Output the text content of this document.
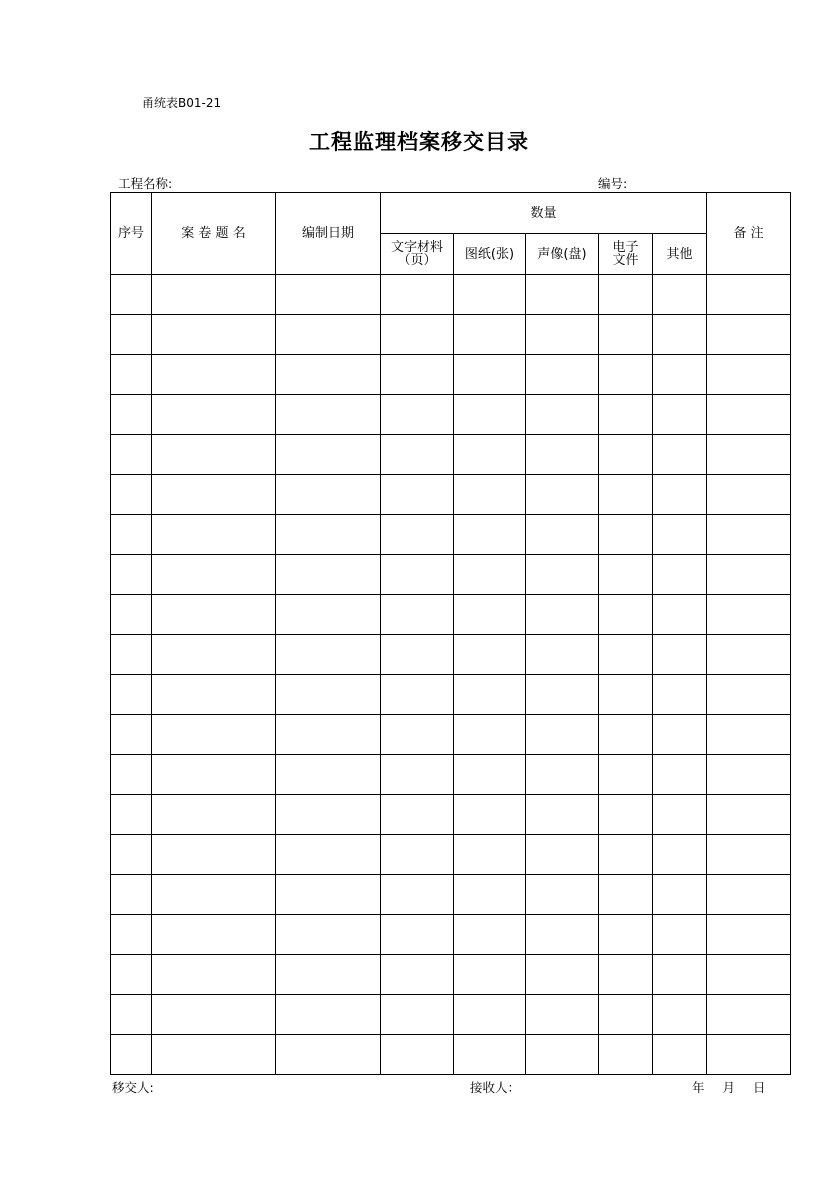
甬统表B01-21
工程监理档案移交目录
工程名称:	编号:
序号	案 卷 题 名	编制日期	数量					备 注
			文字材料（页）	图纸(张)	声像(盘)	电子文件	其他	

移交人:	接收人：	年 月 日
